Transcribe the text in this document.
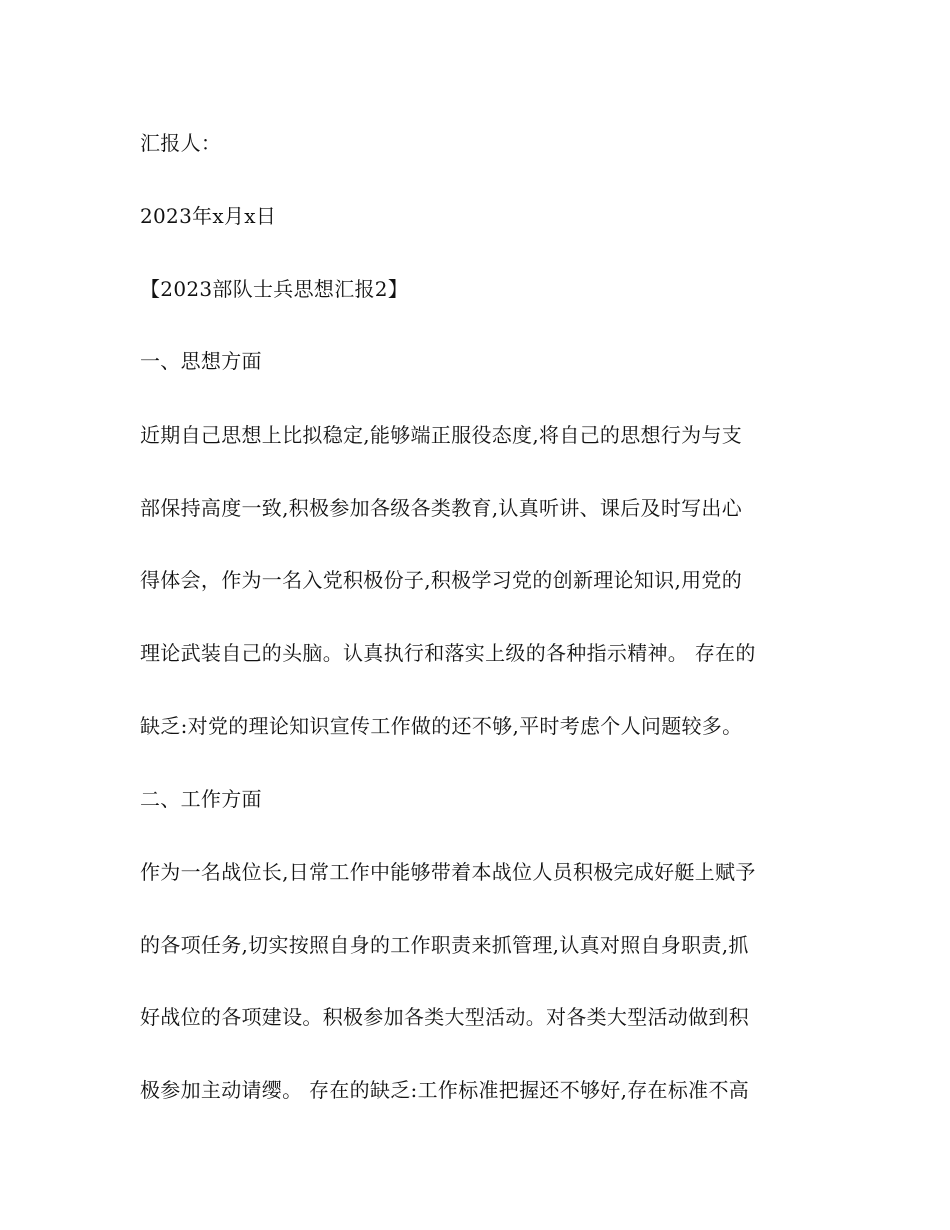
汇报人：
2023年x月x日
【2023部队士兵思想汇报2】
一、思想方面
近期自己思想上比拟稳定,能够端正服役态度,将自己的思想行为与支
部保持高度一致,积极参加各级各类教育,认真听讲、课后及时写出心
得体会，作为一名入党积极份子,积极学习党的创新理论知识,用党的
理论武装自己的头脑。认真执行和落实上级的各种指示精神。 存在的
缺乏:对党的理论知识宣传工作做的还不够,平时考虑个人问题较多。
二、工作方面
作为一名战位长,日常工作中能够带着本战位人员积极完成好艇上赋予
的各项任务,切实按照自身的工作职责来抓管理,认真对照自身职责,抓
好战位的各项建设。积极参加各类大型活动。对各类大型活动做到积
极参加主动请缨。 存在的缺乏:工作标准把握还不够好,存在标准不高
